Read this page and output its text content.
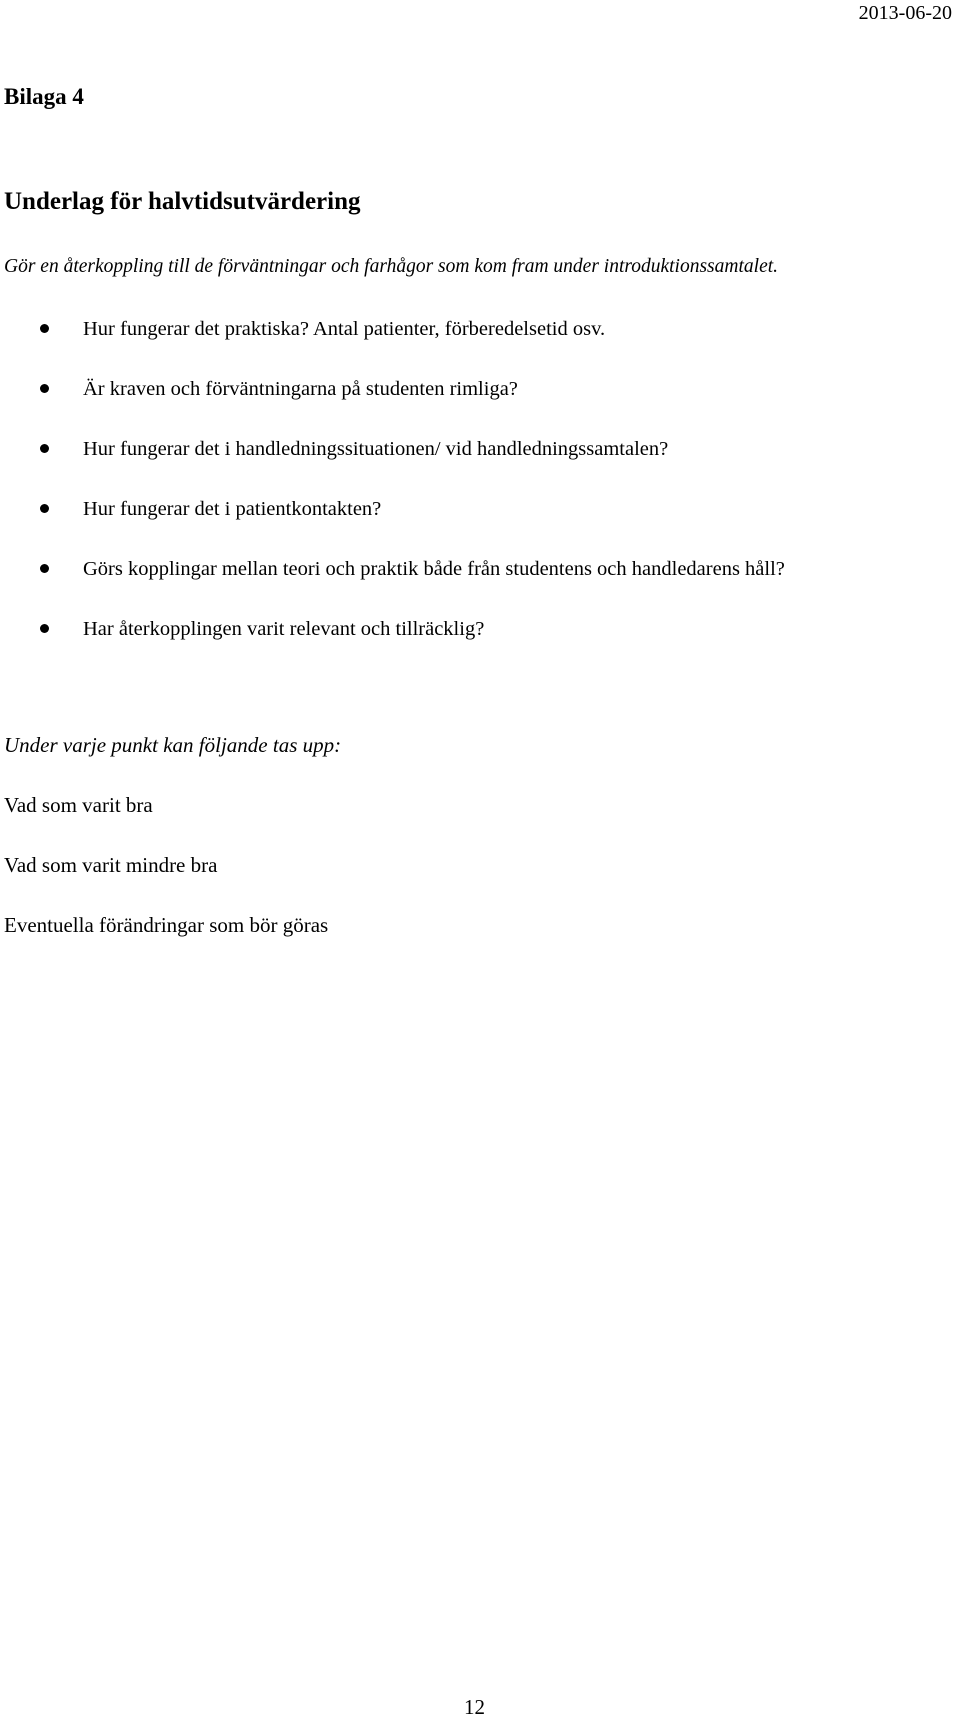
2013-06-20
Bilaga 4
Underlag för halvtidsutvärdering

Gör en återkoppling till de förväntningar och farhågor som kom fram under introduktionssamtalet.

Hur fungerar det praktiska? Antal patienter, förberedelsetid osv.
Är kraven och förväntningarna på studenten rimliga?
Hur fungerar det i handledningssituationen/ vid handledningssamtalen?
Hur fungerar det i patientkontakten?
Görs kopplingar mellan teori och praktik både från studentens och handledarens håll?
Har återkopplingen varit relevant och tillräcklig?

Under varje punkt kan följande tas upp:

Vad som varit bra

Vad som varit mindre bra

Eventuella förändringar som bör göras

12
